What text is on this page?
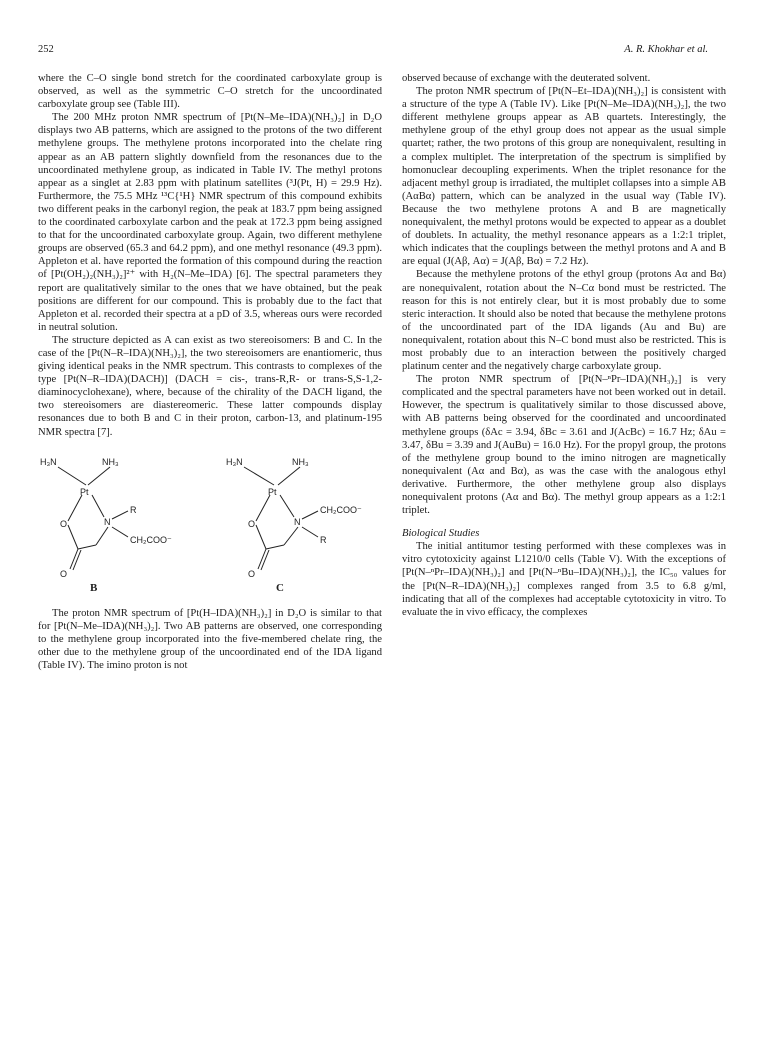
252	A. R. Khokhar et al.

where the C–O single bond stretch for the coordinated carboxylate group is observed, as well as the symmetric C–O stretch for the uncoordinated carboxylate group see (Table III).

The 200 MHz proton NMR spectrum of [Pt(N–Me–IDA)(NH₃)₂] in D₂O displays two AB patterns, which are assigned to the protons of the two different methylene groups. The methylene protons incorporated into the chelate ring appear as an AB pattern slightly downfield from the resonances due to the uncoordinated methylene group, as indicated in Table IV. The methyl protons appear as a singlet at 2.83 ppm with platinum satellites (³J(Pt, H) = 29.9 Hz). Furthermore, the 75.5 MHz ¹³C{¹H} NMR spectrum of this compound exhibits two different peaks in the carbonyl region, the peak at 183.7 ppm being assigned to the coordinated carboxylate carbon and the peak at 172.3 ppm being assigned to that for the uncoordinated carboxylate group. Again, two different methylene groups are observed (65.3 and 64.2 ppm), and one methyl resonance (49.3 ppm). Appleton et al. have reported the formation of this compound during the reaction of [Pt(OH₂)₂(NH₃)₂]²⁺ with H₂(N–Me–IDA) [6]. The spectral parameters they report are qualitatively similar to the ones that we have obtained, but the peak positions are different for our compound. This is probably due to the fact that Appleton et al. recorded their spectra at a pD of 3.5, whereas ours were recorded in neutral solution.

The structure depicted as A can exist as two stereoisomers: B and C. In the case of the [Pt(N–R–IDA)(NH₃)₂], the two stereoisomers are enantiomeric, thus giving identical peaks in the NMR spectrum. This contrasts to complexes of the type [Pt(N–R–IDA)(DACH)] (DACH = cis-, trans-R,R- or trans-S,S-1,2-diaminocyclohexane), where, because of the chirality of the DACH ligand, the two stereoisomers are diastereomeric. These latter compounds display resonances due to both B and C in their proton, carbon-13, and platinum-195 NMR spectra [7].

H₃N	NH₃
Pt
N
R
CH₂COO⁻
O
O
B
H₃N	NH₃
Pt
N
CH₂COO⁻
R
O
O
C

The proton NMR spectrum of [Pt(H–IDA)(NH₃)₂] in D₂O is similar to that for [Pt(N–Me–IDA)(NH₃)₂]. Two AB patterns are observed, one corresponding to the methylene group incorporated into the five-membered chelate ring, the other due to the methylene group of the uncoordinated end of the IDA ligand (Table IV). The imino proton is not

observed because of exchange with the deuterated solvent.

The proton NMR spectrum of [Pt(N–Et–IDA)(NH₃)₂] is consistent with a structure of the type A (Table IV). Like [Pt(N–Me–IDA)(NH₃)₂], the two different methylene groups appear as AB quartets. Interestingly, the methylene group of the ethyl group does not appear as the usual simple quartet; rather, the two protons of this group are nonequivalent, resulting in a complex multiplet. The interpretation of the spectrum is simplified by homonuclear decoupling experiments. When the triplet resonance for the adjacent methyl group is irradiated, the multiplet collapses into a simple AB (AαBα) pattern, which can be analyzed in the usual way (Table IV). Because the two methylene protons A and B are magnetically nonequivalent, the methyl protons would be expected to appear as a doublet of doublets. In actuality, the methyl resonance appears as a 1:2:1 triplet, which indicates that the couplings between the methyl protons and A and B are equal (J(Aβ, Aα) = J(Aβ, Bα) = 7.2 Hz).

Because the methylene protons of the ethyl group (protons Aα and Bα) are nonequivalent, rotation about the N–Cα bond must be restricted. The reason for this is not entirely clear, but it is most probably due to some steric interaction. It should also be noted that because the methylene protons of the uncoordinated part of the IDA ligands (Au and Bu) are nonequivalent, rotation about this N–C bond must also be restricted. This is most probably due to an interaction between the positively charged platinum center and the negatively charge carboxylate group.

The proton NMR spectrum of [Pt(N–ⁿPr–IDA)(NH₃)₂] is very complicated and the spectral parameters have not been worked out in detail. However, the spectrum is qualitatively similar to those discussed above, with AB patterns being observed for the coordinated and uncoordinated methylene groups (δAc = 3.94, δBc = 3.61 and J(AcBc) = 16.7 Hz; δAu = 3.47, δBu = 3.39 and J(AuBu) = 16.0 Hz). For the propyl group, the protons of the methylene group bound to the imino nitrogen are magnetically nonequivalent (Aα and Bα), as was the case with the analogous ethyl derivative. Furthermore, the other methylene group also displays nonequivalent protons (Aα and Bα). The methyl group appears as a 1:2:1 triplet.

Biological Studies

The initial antitumor testing performed with these complexes was in vitro cytotoxicity against L1210/0 cells (Table V). With the exceptions of [Pt(N–ⁿPr–IDA)(NH₃)₂] and [Pt(N–ⁿBu–IDA)(NH₃)₂], the IC₅₀ values for the [Pt(N–R–IDA)(NH₃)₂] complexes ranged from 3.5 to 6.8 g/ml, indicating that all of the complexes had acceptable cytotoxicity in vitro. To evaluate the in vivo efficacy, the complexes
